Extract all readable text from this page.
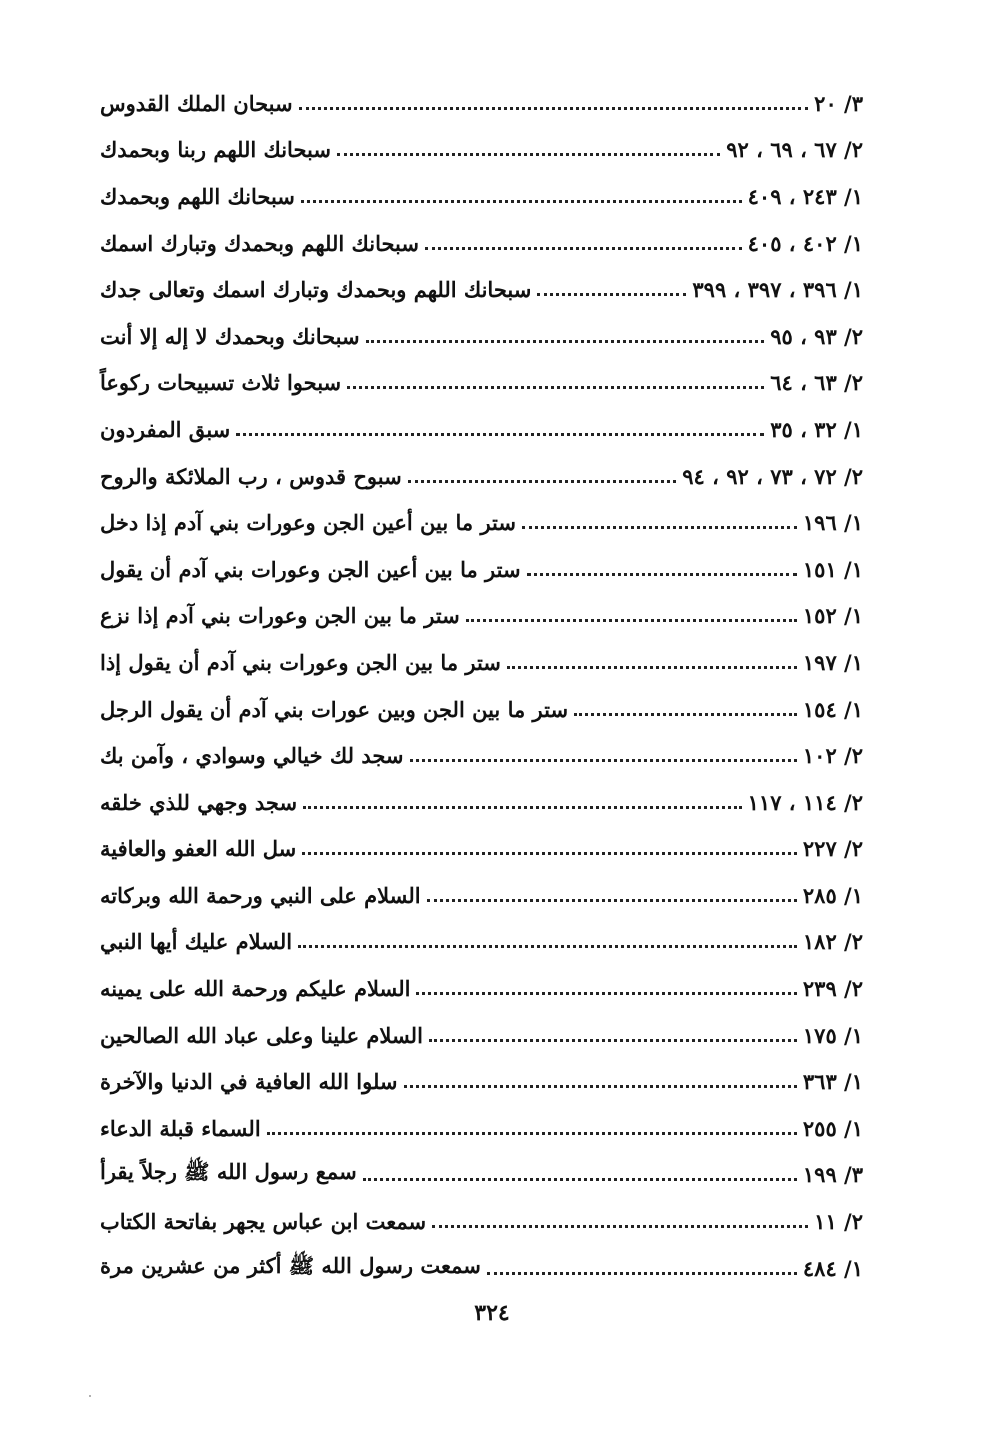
سبحان الملك القدوس	٣/ ٢٠
سبحانك اللهم ربنا وبحمدك	٢/ ٦٧ ، ٦٩ ، ٩٢
سبحانك اللهم وبحمدك	١/ ٢٤٣ ، ٤٠٩
سبحانك اللهم وبحمدك وتبارك اسمك	١/ ٤٠٢ ، ٤٠٥
سبحانك اللهم وبحمدك وتبارك اسمك وتعالى جدك	١/ ٣٩٦ ، ٣٩٧ ، ٣٩٩
سبحانك وبحمدك لا إله إلا أنت	٢/ ٩٣ ، ٩٥
سبحوا ثلاث تسبيحات ركوعاً	٢/ ٦٣ ، ٦٤
سبق المفردون	١/ ٣٢ ، ٣٥
سبوح قدوس ، رب الملائكة والروح	٢/ ٧٢ ، ٧٣ ، ٩٢ ، ٩٤
ستر ما بين أعين الجن وعورات بني آدم إذا دخل	١/ ١٩٦
ستر ما بين أعين الجن وعورات بني آدم أن يقول	١/ ١٥١
ستر ما بين الجن وعورات بني آدم إذا نزع	١/ ١٥٢
ستر ما بين الجن وعورات بني آدم أن يقول إذا	١/ ١٩٧
ستر ما بين الجن وبين عورات بني آدم أن يقول الرجل	١/ ١٥٤
سجد لك خيالي وسوادي ، وآمن بك	٢/ ١٠٢
سجد وجهي للذي خلقه	٢/ ١١٤ ، ١١٧
سل الله العفو والعافية	٢/ ٢٢٧
السلام على النبي ورحمة الله وبركاته	١/ ٢٨٥
السلام عليك أيها النبي	٢/ ١٨٢
السلام عليكم ورحمة الله على يمينه	٢/ ٢٣٩
السلام علينا وعلى عباد الله الصالحين	١/ ١٧٥
سلوا الله العافية في الدنيا والآخرة	١/ ٣٦٣
السماء قبلة الدعاء	١/ ٢٥٥
سمع رسول الله ﷺ رجلاً يقرأ	٣/ ١٩٩
سمعت ابن عباس يجهر بفاتحة الكتاب	٢/ ١١
سمعت رسول الله ﷺ أكثر من عشرين مرة	١/ ٤٨٤
٣٢٤
